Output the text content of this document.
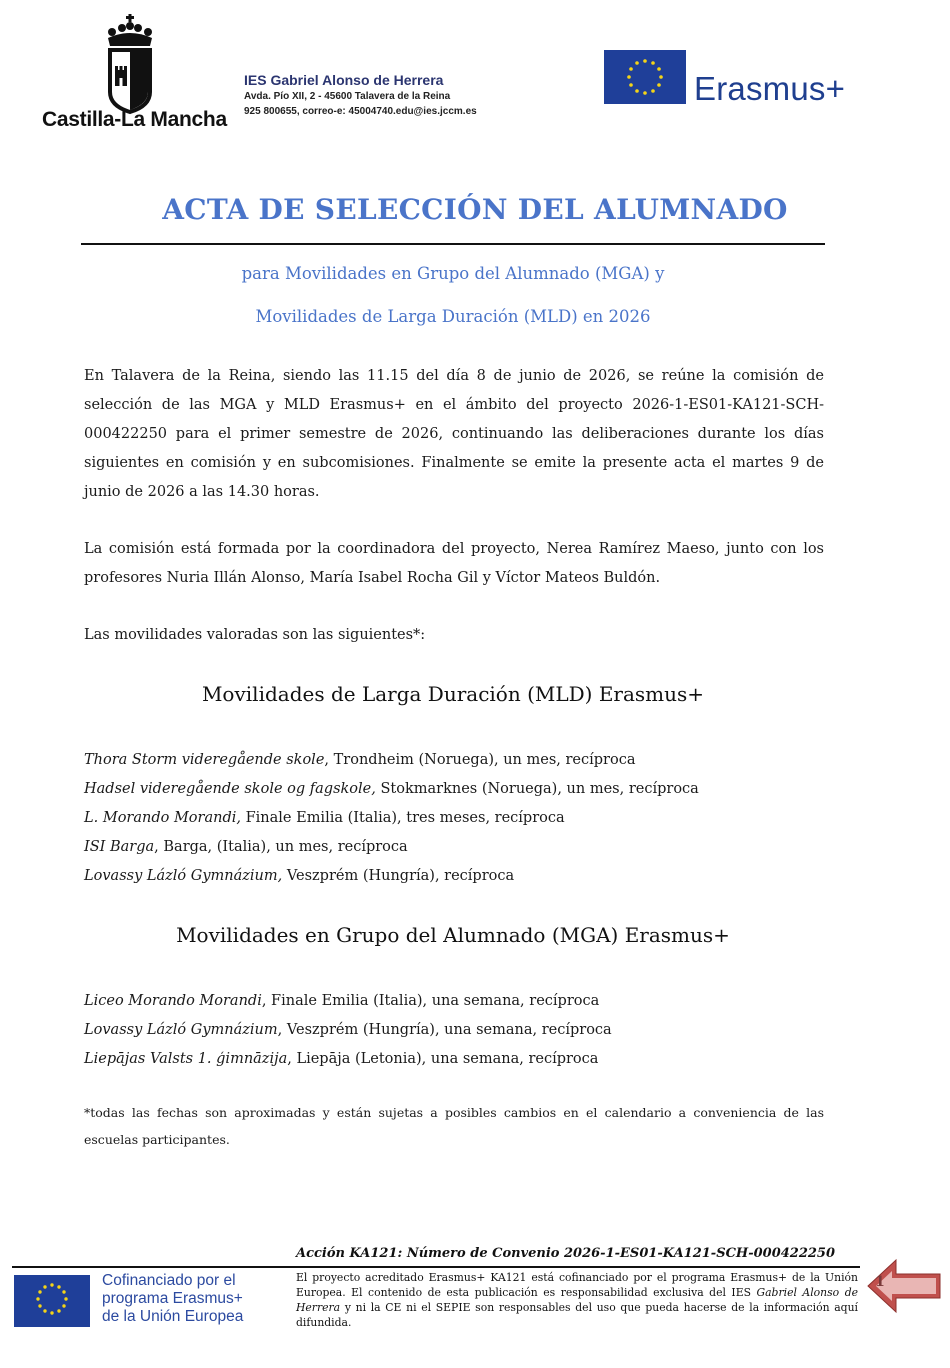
Castilla-La Mancha
IES Gabriel Alonso de Herrera
Avda. Pío XII, 2 - 45600 Talavera de la Reina
925 800655, correo-e: 45004740.edu@ies.jccm.es
Erasmus+
ACTA DE SELECCIÓN DEL ALUMNADO
para Movilidades en Grupo del Alumnado (MGA) y
Movilidades de Larga Duración (MLD) en 2026
En Talavera de la Reina, siendo las 11.15 del día 8 de junio de 2026, se reúne la comisión de selección de las MGA y MLD Erasmus+ en el ámbito del proyecto 2026-1-ES01-KA121-SCH-000422250 para el primer semestre de 2026, continuando las deliberaciones durante los días siguientes en comisión y en subcomisiones. Finalmente se emite la presente acta el martes 9 de junio de 2026 a las 14.30 horas.
La comisión está formada por la coordinadora del proyecto, Nerea Ramírez Maeso, junto con los profesores Nuria Illán Alonso, María Isabel Rocha Gil y Víctor Mateos Buldón.
Las movilidades valoradas son las siguientes*:
Movilidades de Larga Duración (MLD) Erasmus+
Thora Storm videregående skole, Trondheim (Noruega), un mes, recíproca
Hadsel videregående skole og fagskole, Stokmarknes (Noruega), un mes, recíproca
L. Morando Morandi, Finale Emilia (Italia), tres meses, recíproca
ISI Barga, Barga, (Italia), un mes, recíproca
Lovassy Lázló Gymnázium, Veszprém (Hungría), recíproca
Movilidades en Grupo del Alumnado (MGA) Erasmus+
Liceo Morando Morandi, Finale Emilia (Italia), una semana, recíproca
Lovassy Lázló Gymnázium, Veszprém (Hungría), una semana, recíproca
Liepājas Valsts 1. ģimnāzija, Liepāja (Letonia), una semana, recíproca
*todas las fechas son aproximadas y están sujetas a posibles cambios en el calendario a conveniencia de las escuelas participantes.
Acción KA121: Número de Convenio 2026-1-ES01-KA121-SCH-000422250
Cofinanciado por el
programa Erasmus+
de la Unión Europea
El proyecto acreditado Erasmus+ KA121 está cofinanciado por el programa Erasmus+ de la Unión Europea. El contenido de esta publicación es responsabilidad exclusiva del IES Gabriel Alonso de Herrera y ni la CE ni el SEPIE son responsables del uso que pueda hacerse de la información aquí difundida.
1
